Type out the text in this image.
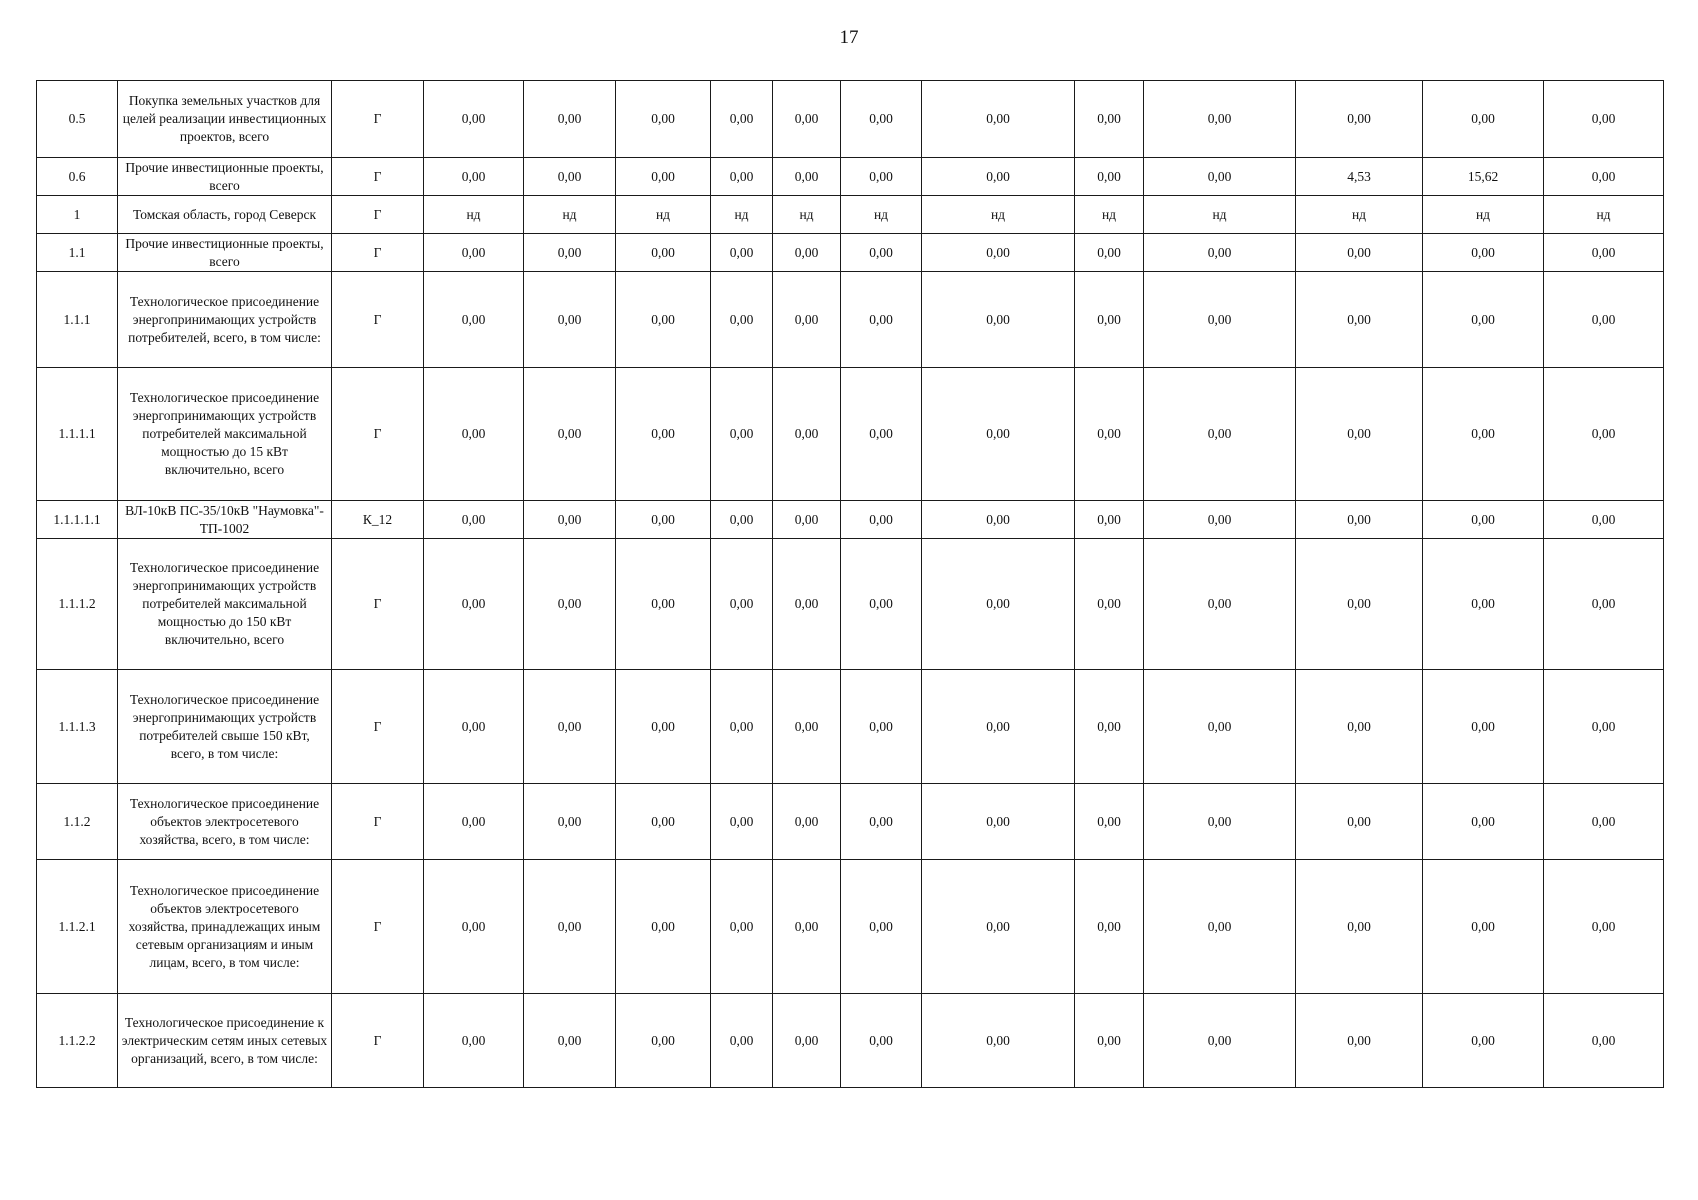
17
0.5	Покупка земельных участков для целей реализации инвестиционных проектов, всего	Г	0,00	0,00	0,00	0,00	0,00	0,00	0,00	0,00	0,00	0,00	0,00	0,00
0.6	Прочие инвестиционные проекты, всего	Г	0,00	0,00	0,00	0,00	0,00	0,00	0,00	0,00	0,00	4,53	15,62	0,00
1	Томская область, город Северск	Г	нд	нд	нд	нд	нд	нд	нд	нд	нд	нд	нд	нд
1.1	Прочие инвестиционные проекты, всего	Г	0,00	0,00	0,00	0,00	0,00	0,00	0,00	0,00	0,00	0,00	0,00	0,00
1.1.1	Технологическое присоединение энергопринимающих устройств потребителей, всего, в том числе:	Г	0,00	0,00	0,00	0,00	0,00	0,00	0,00	0,00	0,00	0,00	0,00	0,00
1.1.1.1	Технологическое присоединение энергопринимающих устройств потребителей максимальной мощностью до 15 кВт включительно, всего	Г	0,00	0,00	0,00	0,00	0,00	0,00	0,00	0,00	0,00	0,00	0,00	0,00
1.1.1.1.1	ВЛ-10кВ ПС-35/10кВ "Наумовка"-ТП-1002	К_12	0,00	0,00	0,00	0,00	0,00	0,00	0,00	0,00	0,00	0,00	0,00	0,00
1.1.1.2	Технологическое присоединение энергопринимающих устройств потребителей максимальной мощностью до 150 кВт включительно, всего	Г	0,00	0,00	0,00	0,00	0,00	0,00	0,00	0,00	0,00	0,00	0,00	0,00
1.1.1.3	Технологическое присоединение энергопринимающих устройств потребителей свыше 150 кВт, всего, в том числе:	Г	0,00	0,00	0,00	0,00	0,00	0,00	0,00	0,00	0,00	0,00	0,00	0,00
1.1.2	Технологическое присоединение объектов электросетевого хозяйства, всего, в том числе:	Г	0,00	0,00	0,00	0,00	0,00	0,00	0,00	0,00	0,00	0,00	0,00	0,00
1.1.2.1	Технологическое присоединение объектов электросетевого хозяйства, принадлежащих иным сетевым организациям и иным лицам, всего, в том числе:	Г	0,00	0,00	0,00	0,00	0,00	0,00	0,00	0,00	0,00	0,00	0,00	0,00
1.1.2.2	Технологическое присоединение к электрическим сетям иных сетевых организаций, всего, в том числе:	Г	0,00	0,00	0,00	0,00	0,00	0,00	0,00	0,00	0,00	0,00	0,00	0,00
